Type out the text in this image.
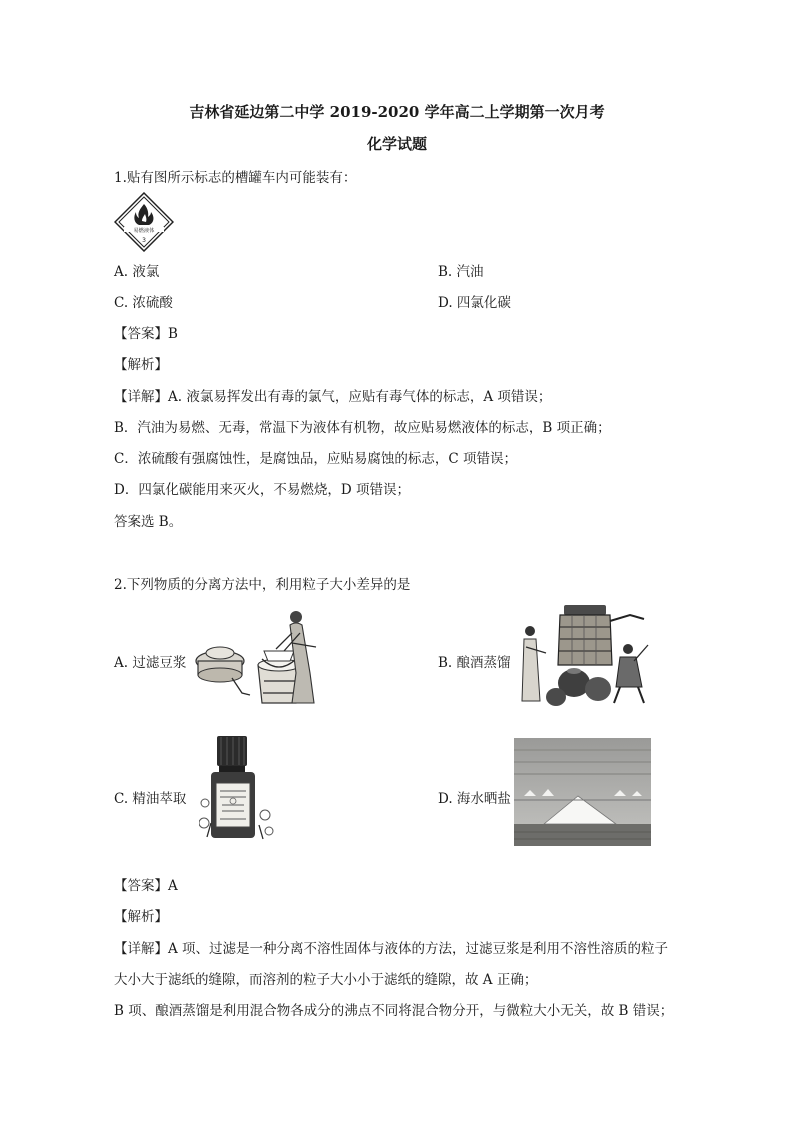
吉林省延边第二中学 2019-2020 学年高二上学期第一次月考
化学试题
1.贴有图所示标志的槽罐车内可能装有：
易燃液体
3
A. 液氯	B. 汽油
C. 浓硫酸	D. 四氯化碳
【答案】B
【解析】
【详解】A. 液氯易挥发出有毒的氯气，应贴有毒气体的标志，A 项错误；
B．汽油为易燃、无毒，常温下为液体有机物，故应贴易燃液体的标志，B 项正确；
C．浓硫酸有强腐蚀性，是腐蚀品，应贴易腐蚀的标志，C 项错误；
D．四氯化碳能用来灭火，不易燃烧，D 项错误；
答案选 B。
2.下列物质的分离方法中，利用粒子大小差异的是
A. 过滤豆浆	B. 酿酒蒸馏
C. 精油萃取	D. 海水晒盐
【答案】A
【解析】
【详解】A 项、过滤是一种分离不溶性固体与液体的方法，过滤豆浆是利用不溶性溶质的粒子
大小大于滤纸的缝隙，而溶剂的粒子大小小于滤纸的缝隙，故 A 正确；
B 项、酿酒蒸馏是利用混合物各成分的沸点不同将混合物分开，与微粒大小无关，故 B 错误；
